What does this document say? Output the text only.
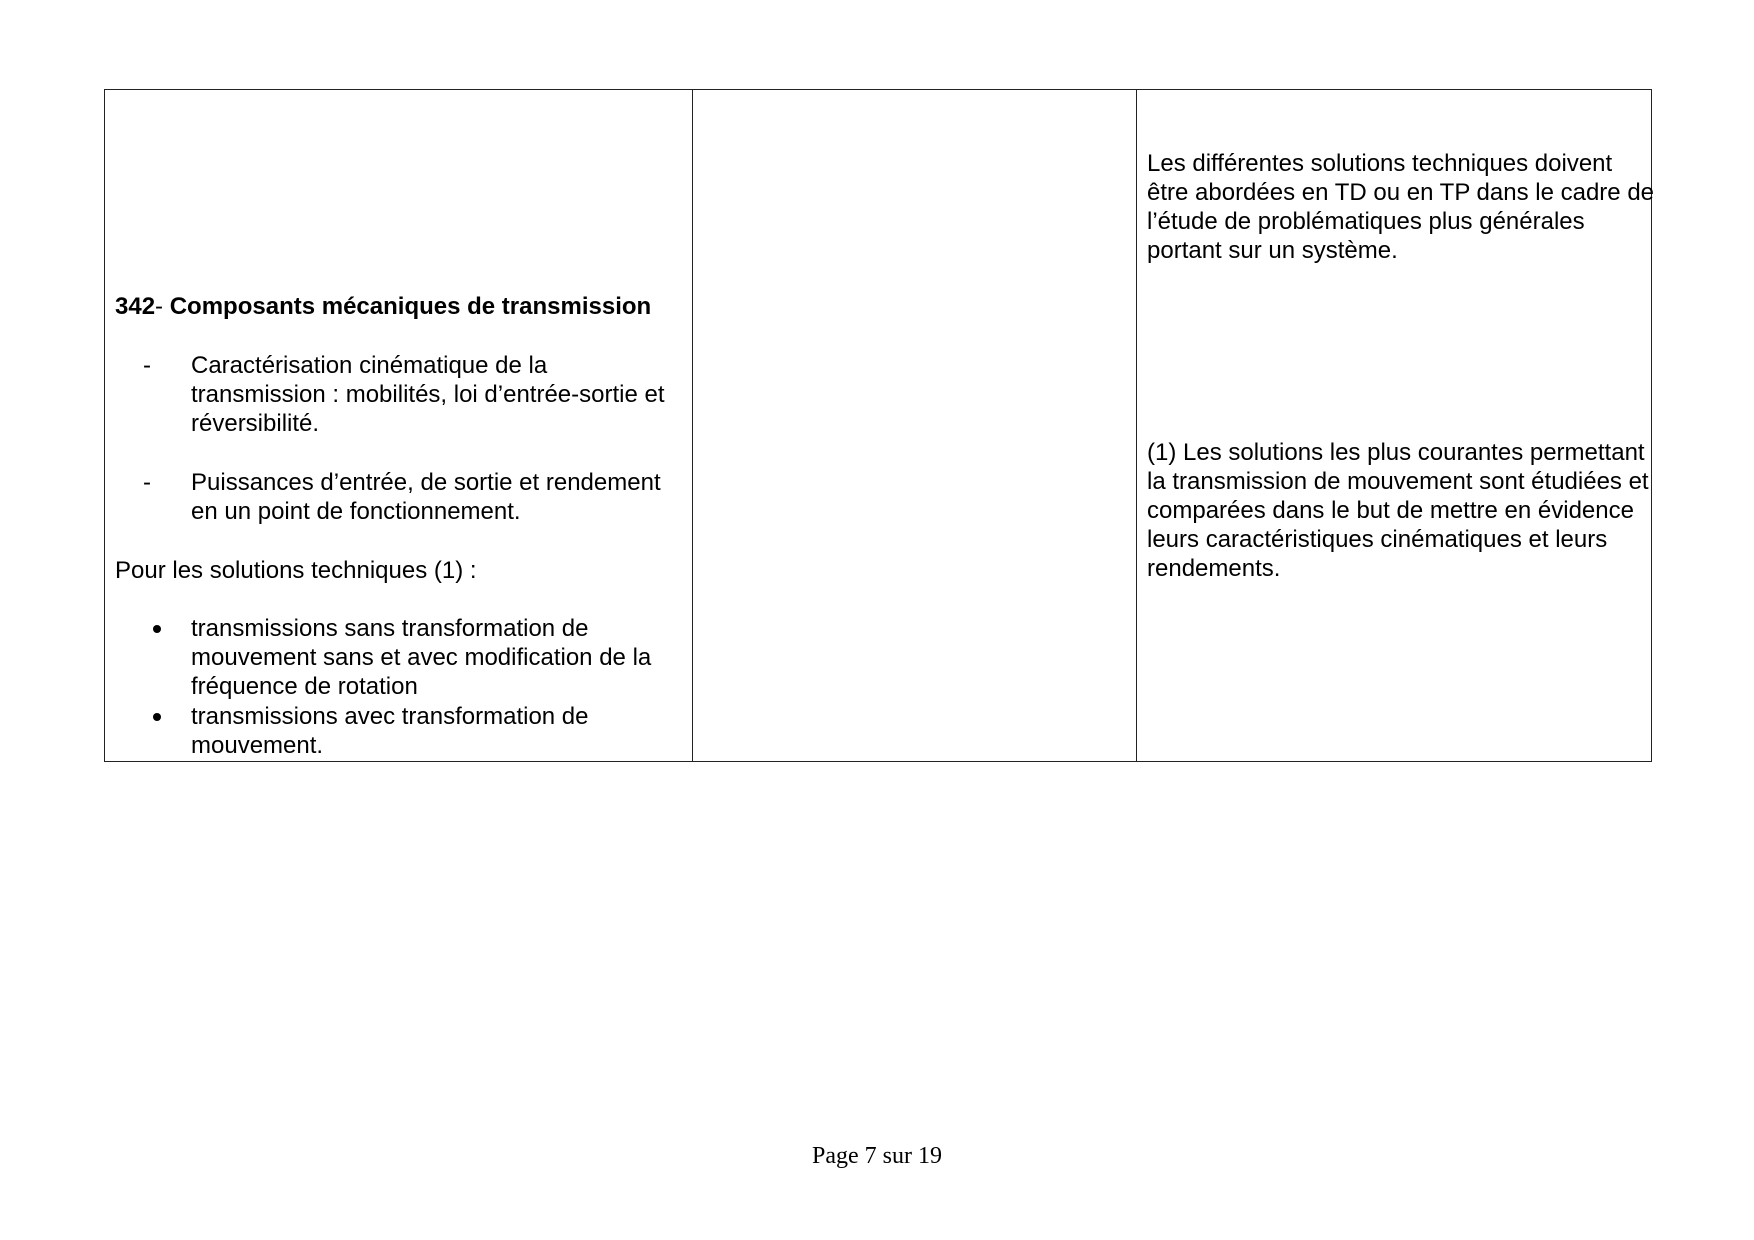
342- Composants mécaniques de transmission
- Caractérisation cinématique de la transmission : mobilités, loi d’entrée-sortie et réversibilité.
- Puissances d’entrée, de sortie et rendement en un point de fonctionnement.
Pour les solutions techniques (1) :
transmissions sans transformation de mouvement sans et avec modification de la fréquence de rotation
transmissions avec transformation de mouvement.
Les différentes solutions techniques doivent être abordées en TD ou en TP dans le cadre de l’étude de problématiques plus générales portant sur un système.
(1) Les solutions les plus courantes permettant la transmission de mouvement sont étudiées et comparées dans le but de mettre en évidence leurs caractéristiques cinématiques et leurs rendements.
Page 7 sur 19
